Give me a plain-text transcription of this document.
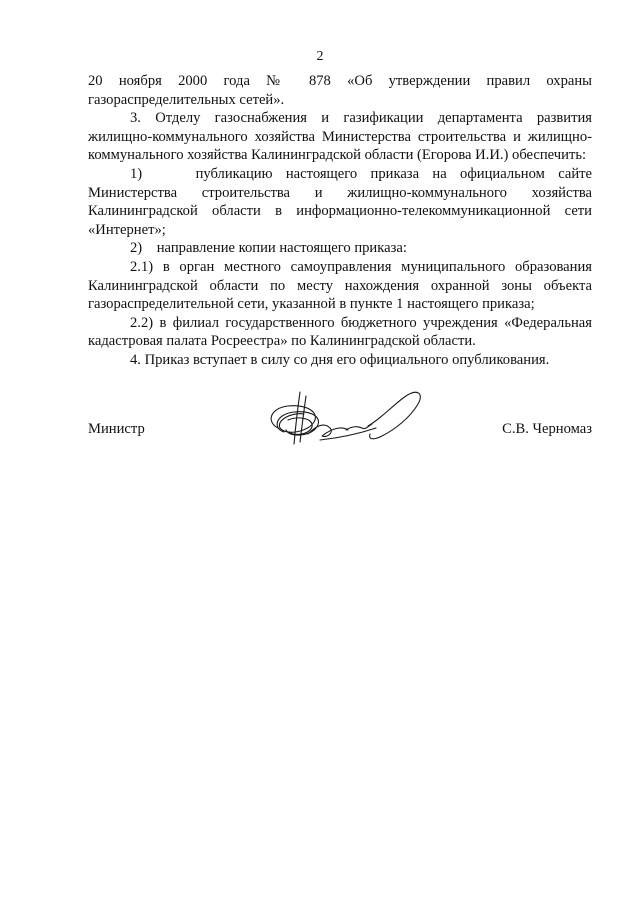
2

20 ноября 2000 года № 878 «Об утверждении правил охраны газораспределительных сетей».

3. Отделу газоснабжения и газификации департамента развития жилищно-коммунального хозяйства Министерства строительства и жилищно-коммунального хозяйства Калининградской области (Егорова И.И.) обеспечить:

1)    публикацию настоящего приказа на официальном сайте Министерства строительства и жилищно-коммунального хозяйства Калининградской области в информационно-телекоммуникационной сети «Интернет»;

2)    направление копии настоящего приказа:

2.1) в орган местного самоуправления муниципального образования Калининградской области по месту нахождения охранной зоны объекта газораспределительной сети, указанной в пункте 1 настоящего приказа;

2.2) в филиал государственного бюджетного учреждения «Федеральная кадастровая палата Росреестра» по Калининградской области.

4. Приказ вступает в силу со дня его официального опубликования.

Министр	С.В. Черномаз
